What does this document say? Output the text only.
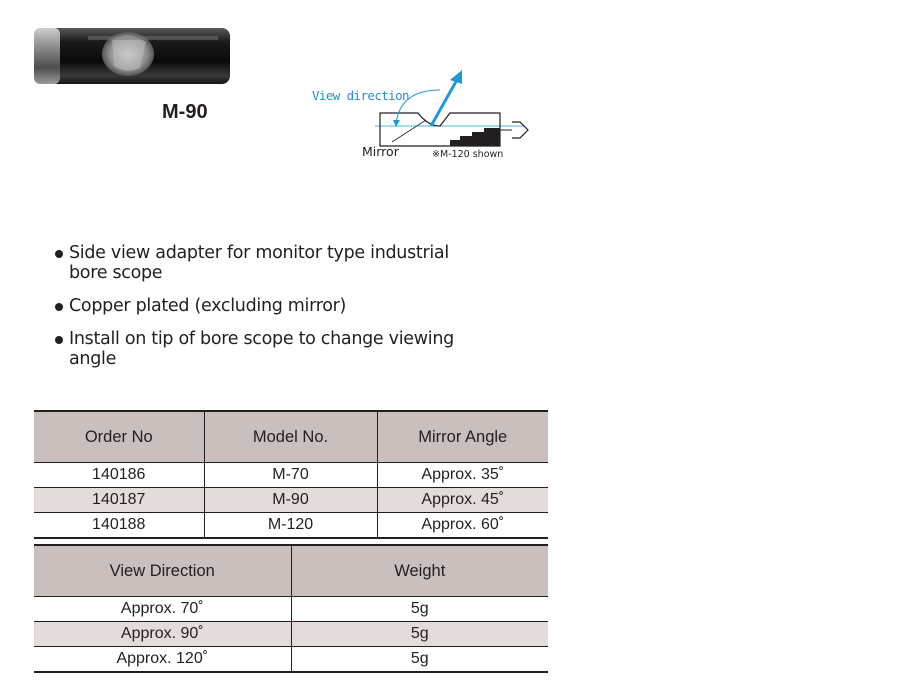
M-90
View direction
Mirror	※M-120 shown
Side view adapter for monitor type industrial bore scope
Copper plated (excluding mirror)
Install on tip of bore scope to change viewing angle
Order No	Model No.	Mirror Angle
140186	M-70	Approx. 35˚
140187	M-90	Approx. 45˚
140188	M-120	Approx. 60˚
View Direction	Weight
Approx. 70˚	5g
Approx. 90˚	5g
Approx. 120˚	5g
